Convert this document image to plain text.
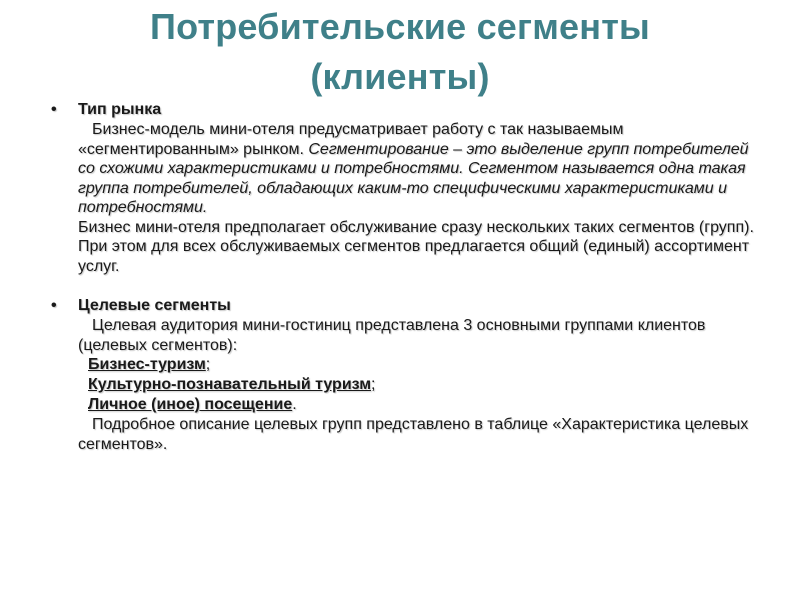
Потребительские сегменты
(клиенты)
• Тип рынка

Бизнес-модель мини-отеля предусматривает работу с так называемым «сегментированным» рынком. Сегментирование – это выделение групп потребителей со схожими характеристиками и потребностями. Сегментом называется одна такая группа потребителей, обладающих каким-то специфическими характеристиками и потребностями.

Бизнес мини-отеля предполагает обслуживание сразу нескольких таких сегментов (групп). При этом для всех обслуживаемых сегментов предлагается общий (единый) ассортимент услуг.

• Целевые сегменты

Целевая аудитория мини-гостиниц представлена 3 основными группами клиентов (целевых сегментов):

Бизнес-туризм;
Культурно-познавательный туризм;
Личное (иное) посещение.

Подробное описание целевых групп представлено в таблице «Характеристика целевых сегментов».
